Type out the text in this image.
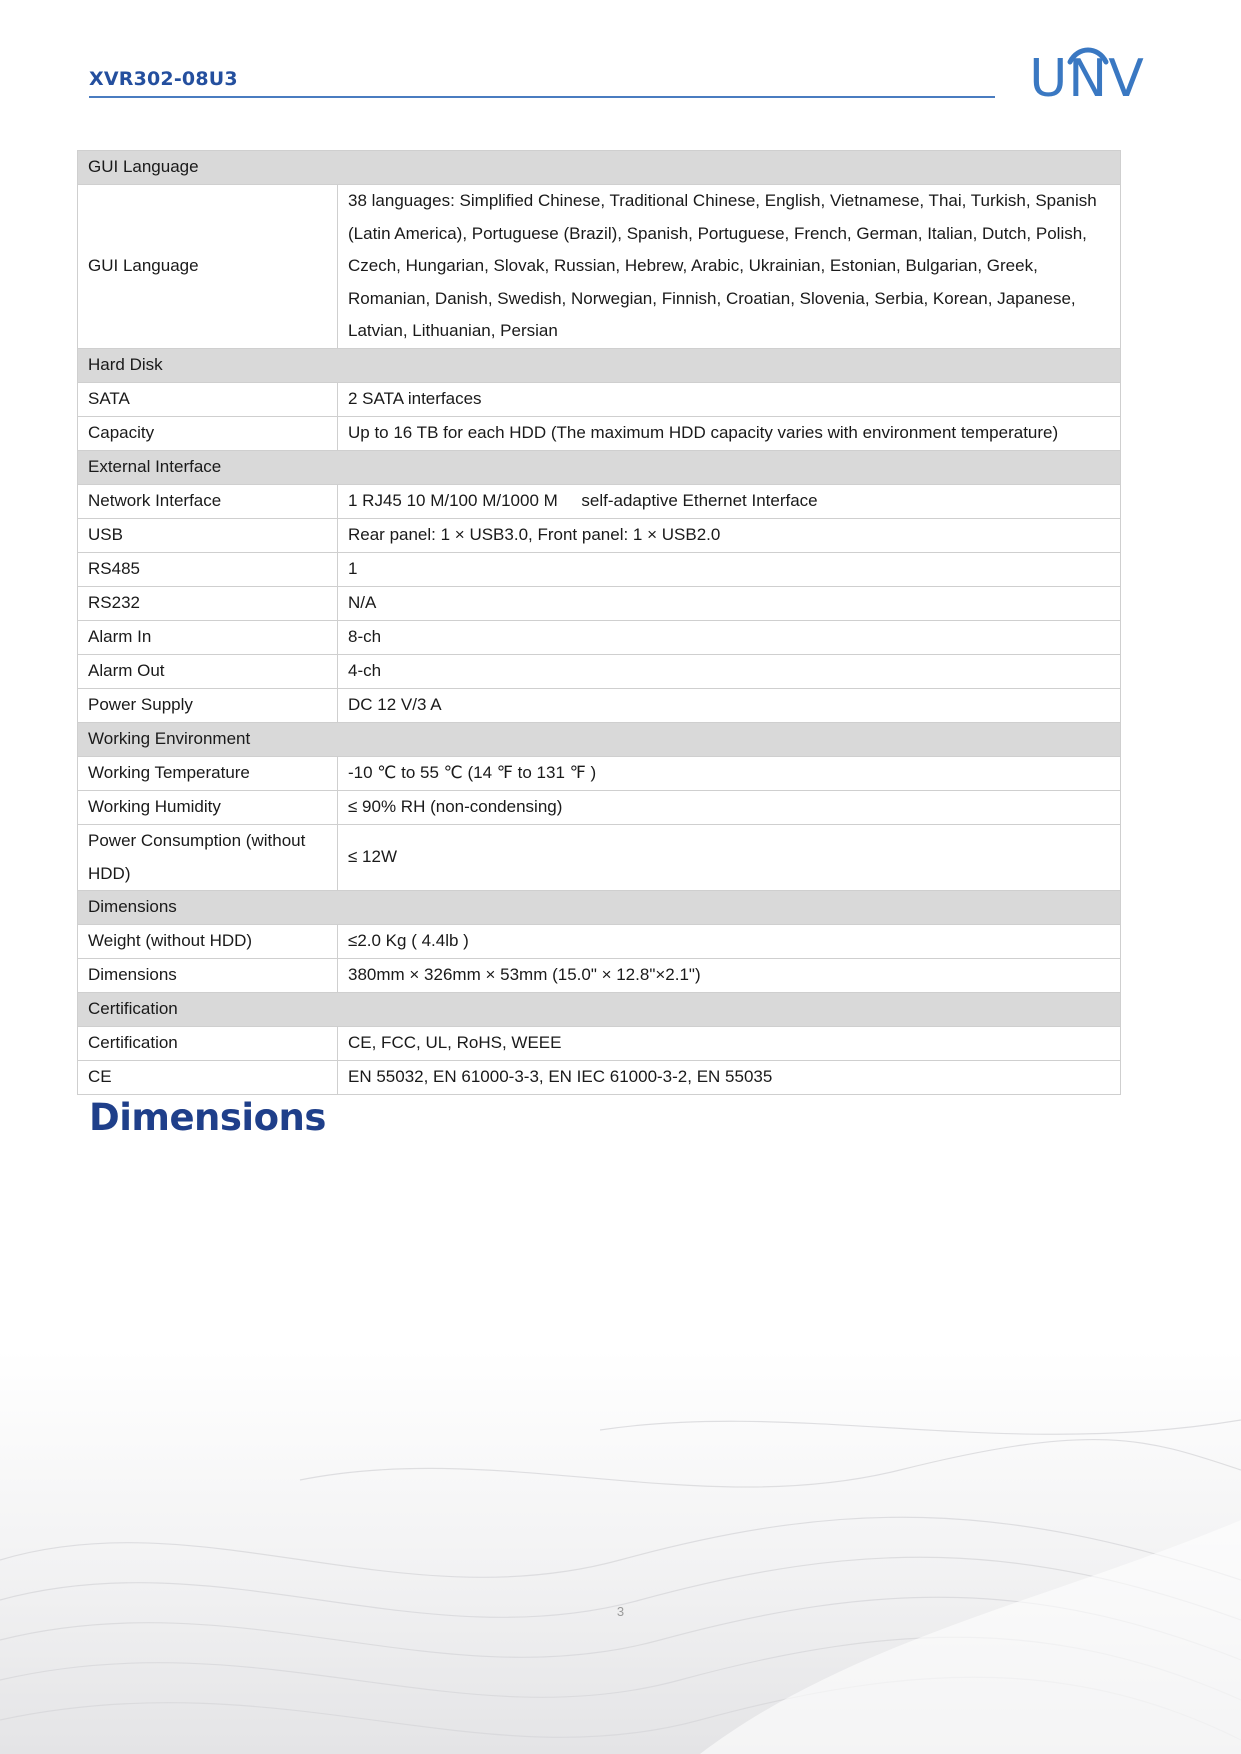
XVR302-08U3	UNV
GUI Language	
GUI Language	38 languages: Simplified Chinese, Traditional Chinese, English, Vietnamese, Thai, Turkish, Spanish (Latin America), Portuguese (Brazil), Spanish, Portuguese, French, German, Italian, Dutch, Polish, Czech, Hungarian, Slovak, Russian, Hebrew, Arabic, Ukrainian, Estonian, Bulgarian, Greek, Romanian, Danish, Swedish, Norwegian, Finnish, Croatian, Slovenia, Serbia, Korean, Japanese, Latvian, Lithuanian, Persian
Hard Disk	
SATA	2 SATA interfaces
Capacity	Up to 16 TB for each HDD (The maximum HDD capacity varies with environment temperature)
External Interface	
Network Interface	1 RJ45 10 M/100 M/1000 M     self-adaptive Ethernet Interface
USB	Rear panel: 1 × USB3.0, Front panel: 1 × USB2.0
RS485	1
RS232	N/A
Alarm In	8-ch
Alarm Out	4-ch
Power Supply	DC 12 V/3 A
Working Environment	
Working Temperature	-10 ℃ to 55 ℃ (14 ℉ to 131 ℉ )
Working Humidity	≤ 90% RH (non-condensing)
Power Consumption (without HDD)	≤ 12W
Dimensions	
Weight (without HDD)	≤2.0 Kg ( 4.4lb )
Dimensions	380mm × 326mm × 53mm (15.0" × 12.8"×2.1")
Certification	
Certification	CE, FCC, UL, RoHS, WEEE
CE	EN 55032, EN 61000-3-3, EN IEC 61000-3-2, EN 55035
Dimensions
3
